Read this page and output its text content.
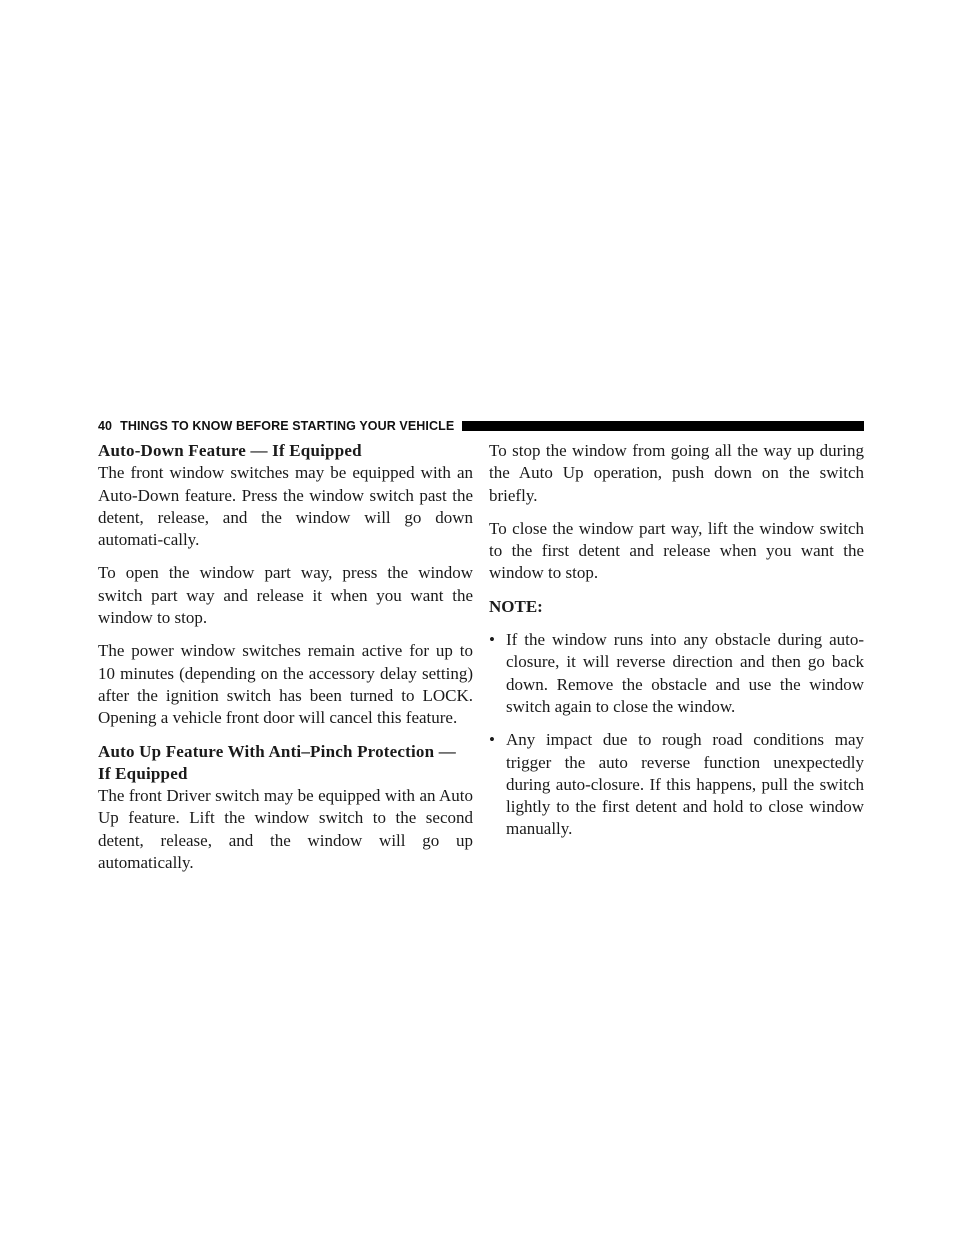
40 THINGS TO KNOW BEFORE STARTING YOUR VEHICLE
Auto-Down Feature — If Equipped

The front window switches may be equipped with an Auto-Down feature. Press the window switch past the detent, release, and the window will go down automati-cally.

To open the window part way, press the window switch part way and release it when you want the window to stop.

The power window switches remain active for up to 10 minutes (depending on the accessory delay setting) after the ignition switch has been turned to LOCK. Opening a vehicle front door will cancel this feature.

Auto Up Feature With Anti–Pinch Protection — If Equipped

The front Driver switch may be equipped with an Auto Up feature. Lift the window switch to the second detent, release, and the window will go up automatically.

To stop the window from going all the way up during the Auto Up operation, push down on the switch briefly.

To close the window part way, lift the window switch to the first detent and release when you want the window to stop.

NOTE:

• If the window runs into any obstacle during auto-closure, it will reverse direction and then go back down. Remove the obstacle and use the window switch again to close the window.
• Any impact due to rough road conditions may trigger the auto reverse function unexpectedly during auto-closure. If this happens, pull the switch lightly to the first detent and hold to close window manually.
